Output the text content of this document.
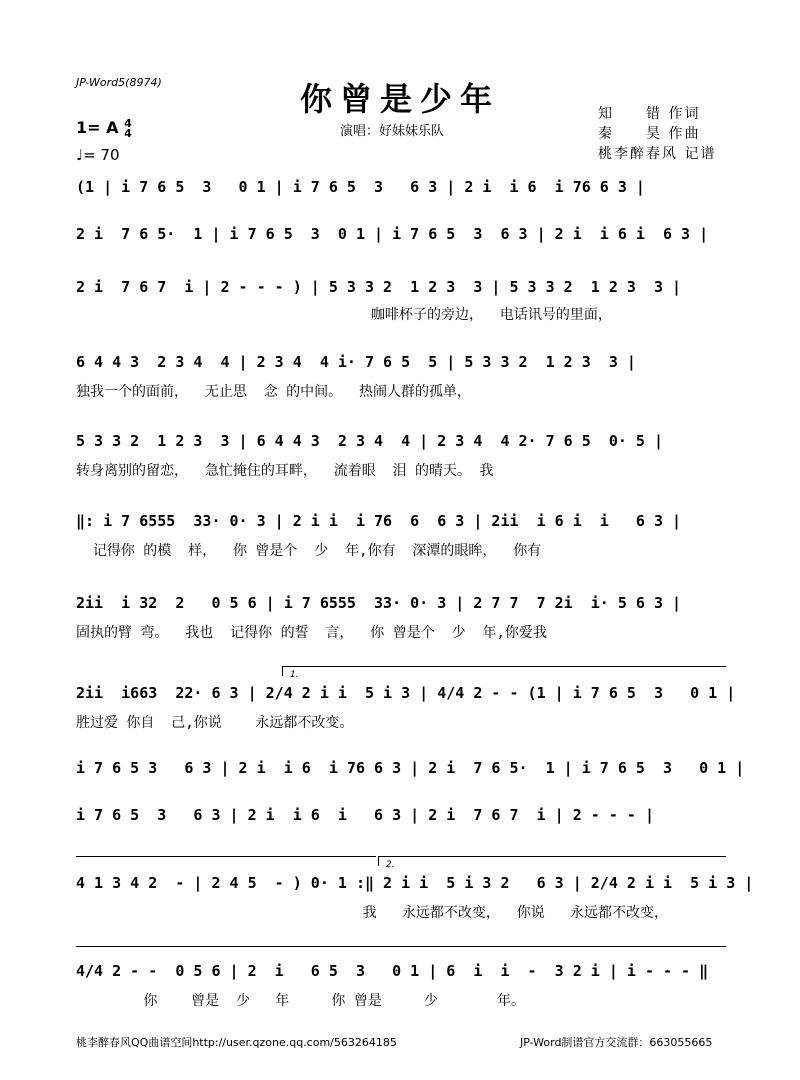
JP-Word5(8974)	你曾是少年
演唱：好妹妹乐队
知　　错 作词
秦　　昊 作曲
桃李醉春风 记谱
1= A 4
4
♩= 70
(1 | i 7 6 5  3   0 1 | i 7 6 5  3   6 3 | 2 i  i 6  i 76 6 3 |
2 i  7 6 5·  1 | i 7 6 5  3  0 1 | i 7 6 5  3  6 3 | 2 i  i 6 i  6 3 |
2 i  7 6 7  i | 2 - - - ) | 5 3 3 2  1 2 3  3 | 5 3 3 2  1 2 3  3 |
咖啡杯子的旁边，  电话讯号的里面，
6 4 4 3  2 3 4  4 | 2 3 4  4 i· 7 6 5  5 | 5 3 3 2  1 2 3  3 |
独我一个的面前，  无止思  念 的中间。  热闹人群的孤单，
5 3 3 2  1 2 3  3 | 6 4 4 3  2 3 4  4 | 2 3 4  4 2· 7 6 5  0· 5 |
转身离别的留恋，  急忙掩住的耳畔，  流着眼  泪 的晴天。 我
‖: i 7 6555  33· 0· 3 | 2 i i  i 76  6  6 3 | 2ii  i 6 i  i   6 3 |
记得你 的模  样，  你 曾是个  少  年,你有  深潭的眼眸，  你有
2ii  i 32  2   0 5 6 | i 7 6555  33· 0· 3 | 2 7 7  7 2i  i· 5 6 3 |
固执的臂 弯。  我也  记得你 的誓  言，  你 曾是个  少  年,你爱我
1.
2ii  i663  22· 6 3 | 2/4 2 i i  5 i 3 | 4/4 2 - - (1 | i 7 6 5  3   0 1 |
胜过爱 你自  己,你说    永远都不改变。
i 7 6 5 3   6 3 | 2 i  i 6  i 76 6 3 | 2 i  7 6 5·  1 | i 7 6 5  3   0 1 |
i 7 6 5  3   6 3 | 2 i  i 6  i   6 3 | 2 i  7 6 7  i | 2 - - - |
2.
4 1 3 4 2  - | 2 4 5  - ) 0· 1 :‖ 2 i i  5 i 3 2   6 3 | 2/4 2 i i  5 i 3 |
我   永远都不改变，  你说   永远都不改变，
4/4 2 - -  0 5 6 | 2  i   6 5  3   0 1 | 6  i  i  -  3 2 i | i - - - ‖
你    曾是  少   年     你 曾是     少       年。
桃李醉春风QQ曲谱空间http://user.qzone.qq.com/563264185	JP-Word制谱官方交流群：663055665
